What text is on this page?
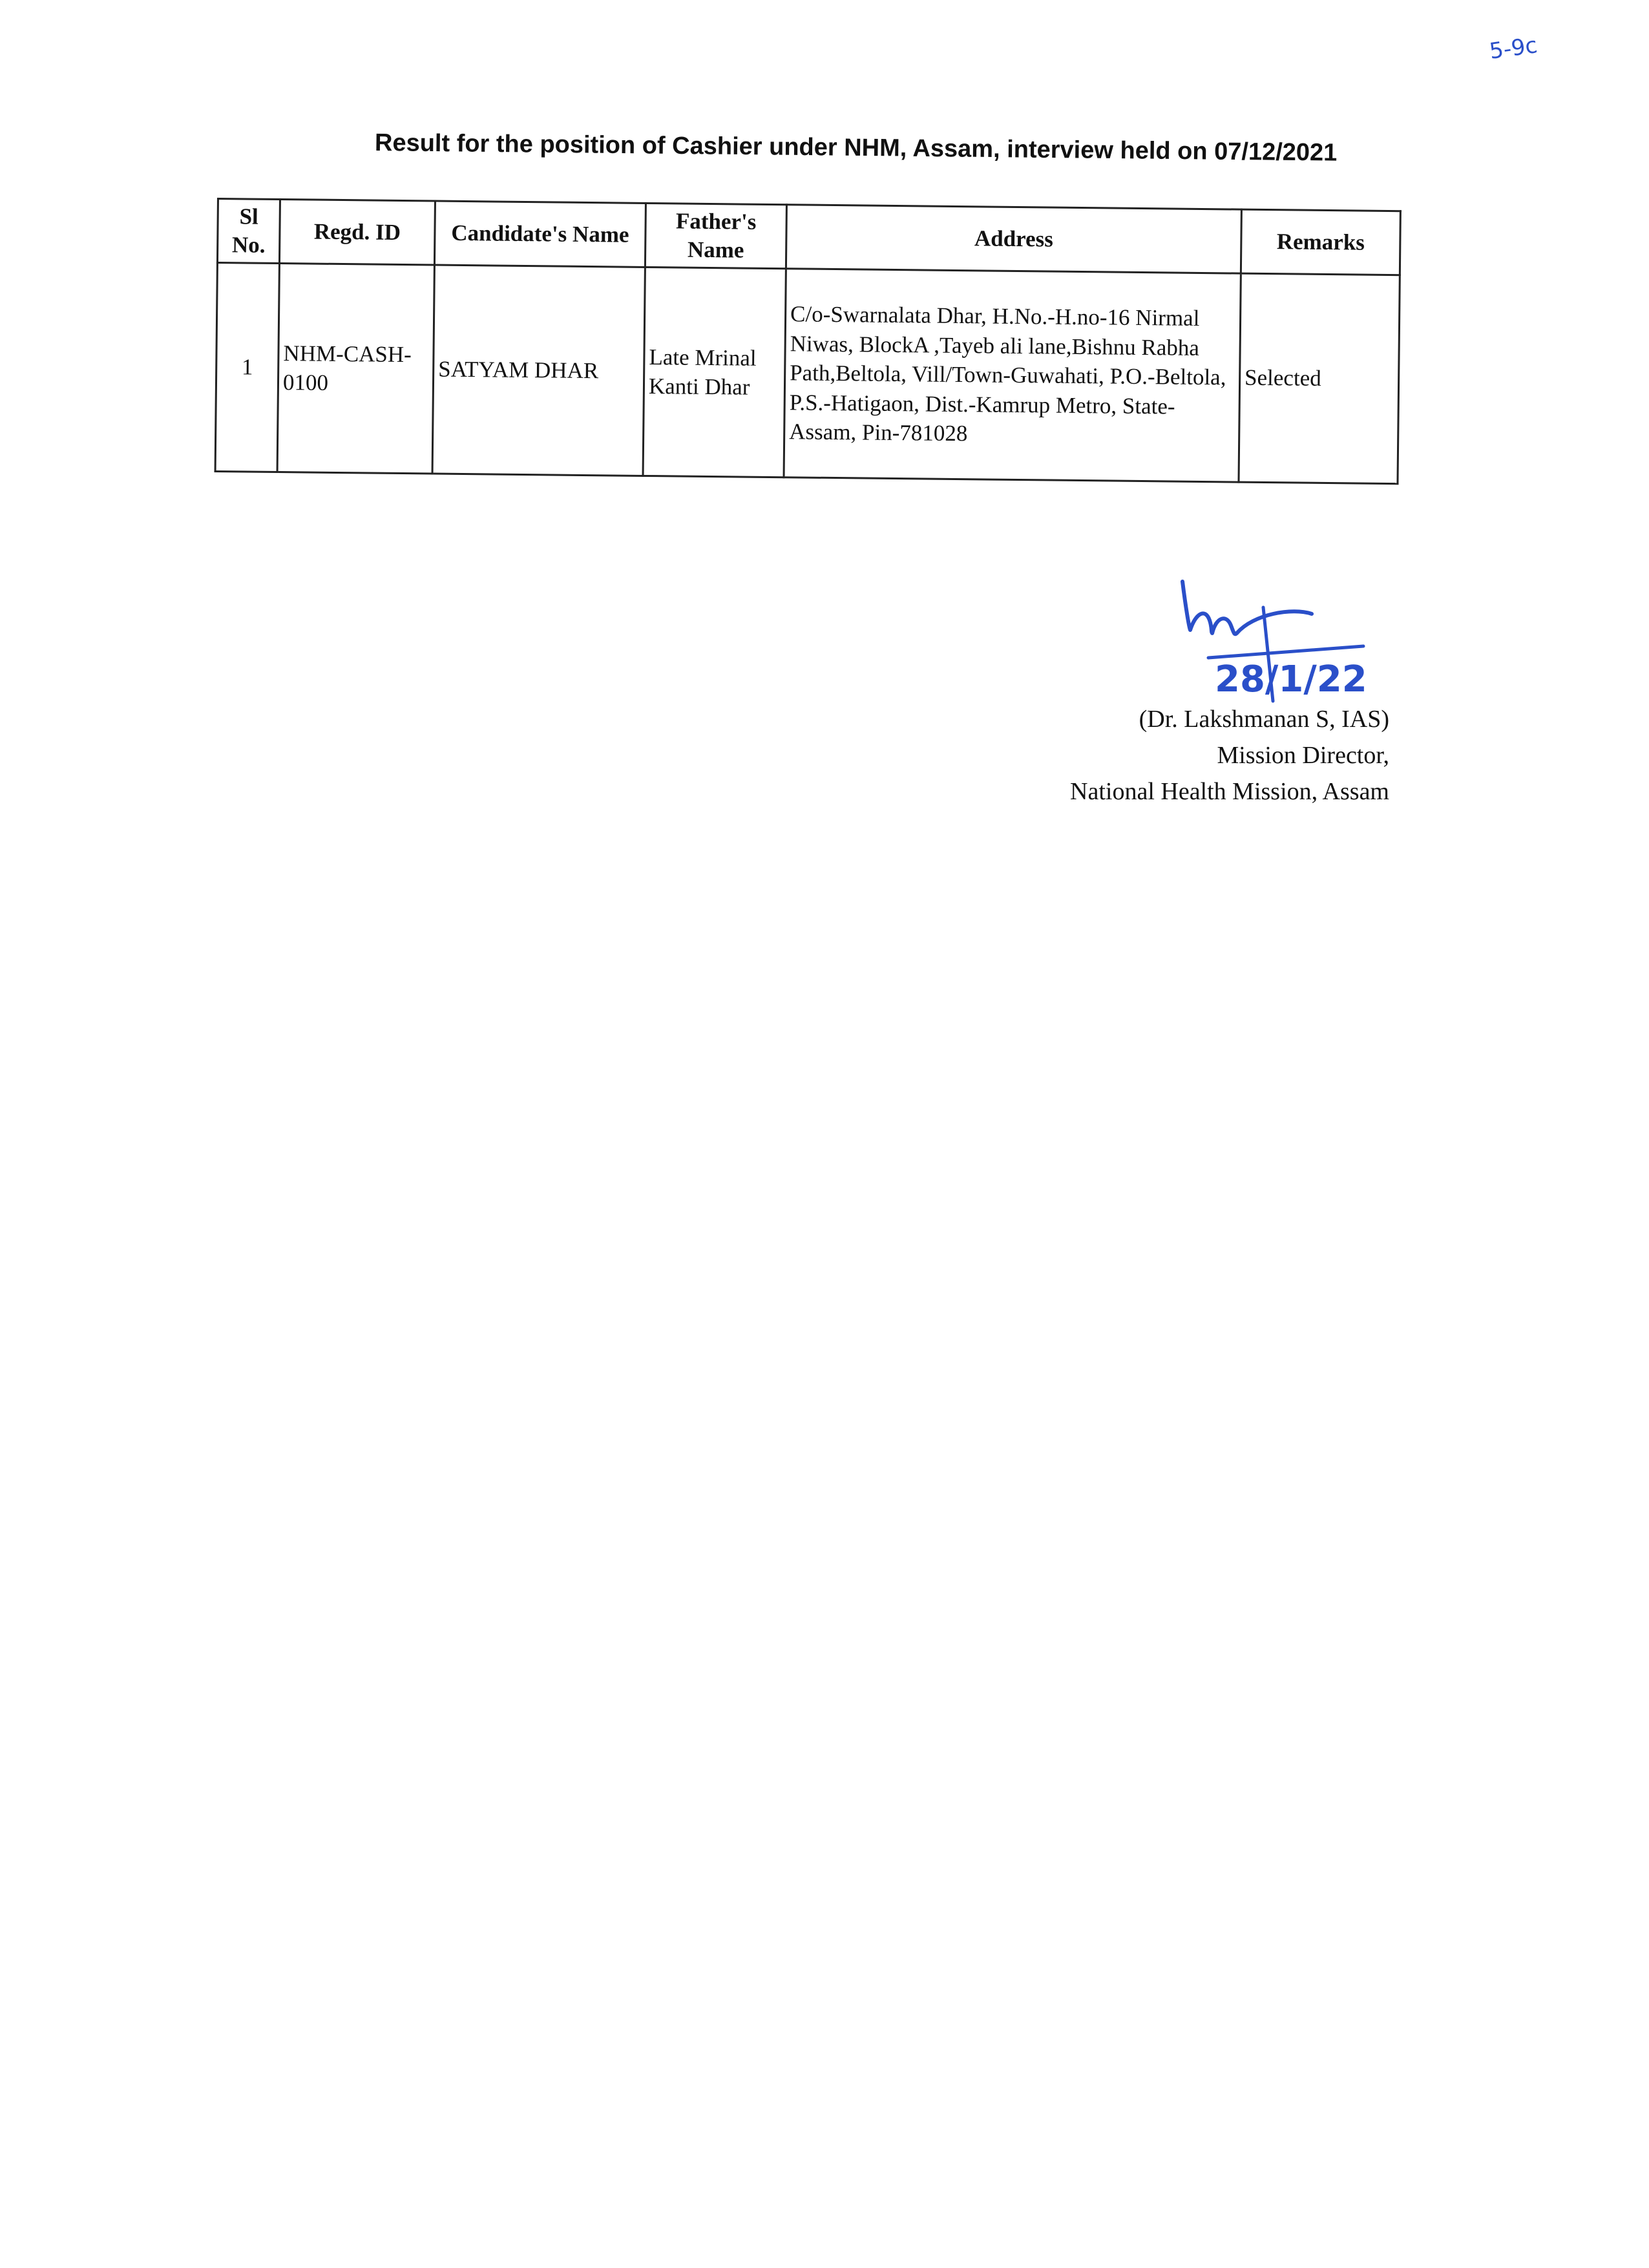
5-9c
Result for the position of Cashier under NHM, Assam, interview held on 07/12/2021
Sl No.	Regd. ID	Candidate's Name	Father's Name	Address	Remarks
1	NHM-CASH-0100	SATYAM DHAR	Late Mrinal Kanti Dhar	C/o-Swarnalata Dhar, H.No.-H.no-16 Nirmal Niwas, BlockA ,Tayeb ali lane,Bishnu Rabha Path,Beltola, Vill/Town-Guwahati, P.O.-Beltola, P.S.-Hatigaon, Dist.-Kamrup Metro, State-Assam, Pin-781028	Selected
28/1/22
(Dr. Lakshmanan S, IAS)
Mission Director,
National Health Mission, Assam
